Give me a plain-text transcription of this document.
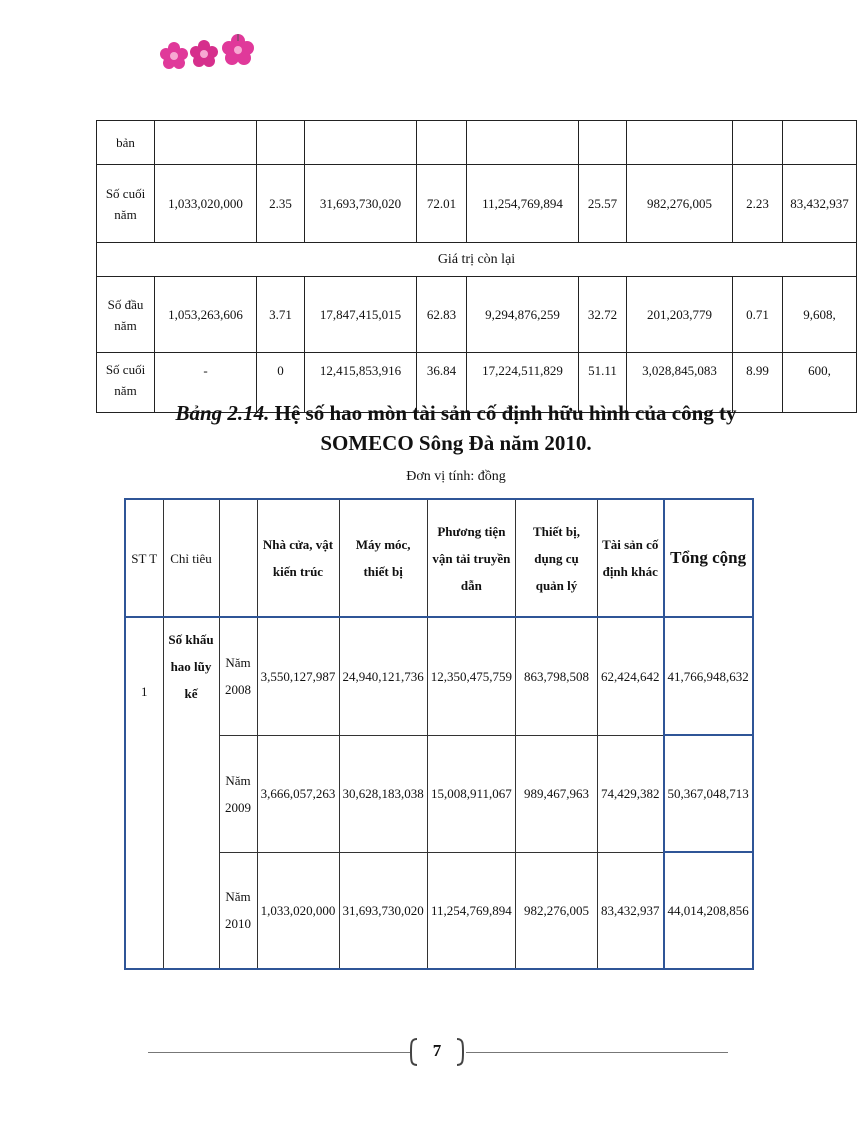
bản									
Số cuối năm	1,033,020,000	2.35	31,693,730,020	72.01	11,254,769,894	25.57	982,276,005	2.23	83,432,937
Giá trị còn lại									
Số đầu năm	1,053,263,606	3.71	17,847,415,015	62.83	9,294,876,259	32.72	201,203,779	0.71	9,608,
Số cuối năm	-	0	12,415,853,916	36.84	17,224,511,829	51.11	3,028,845,083	8.99	600,
Bảng 2.14. Hệ số hao mòn tài sản cố định hữu hình của công ty
SOMECO Sông Đà năm 2010.
Đơn vị tính: đồng
ST T	Chỉ tiêu		Nhà cửa, vật kiến trúc	Máy móc, thiết bị	Phương tiện vận tải truyền dẫn	Thiết bị, dụng cụ quản lý	Tài sản cố định khác	Tổng cộng
1	Số khấu hao lũy kế	Năm 2008	3,550,127,987	24,940,121,736	12,350,475,759	863,798,508	62,424,642	41,766,948,632
		Năm 2009	3,666,057,263	30,628,183,038	15,008,911,067	989,467,963	74,429,382	50,367,048,713
		Năm 2010	1,033,020,000	31,693,730,020	11,254,769,894	982,276,005	83,432,937	44,014,208,856
7
